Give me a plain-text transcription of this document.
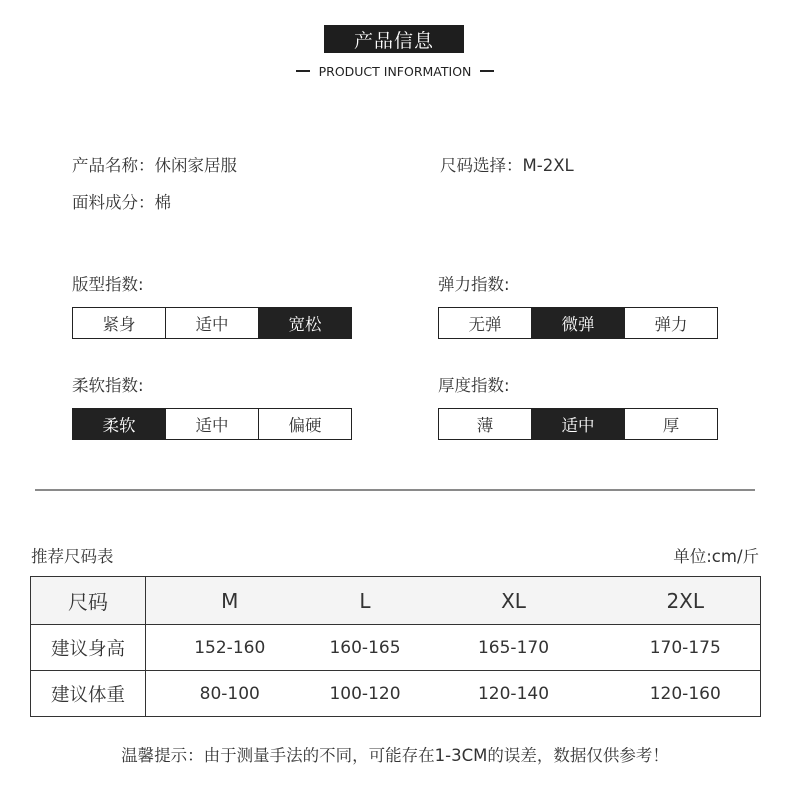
产品信息
PRODUCT INFORMATION
产品名称：休闲家居服	尺码选择：M-2XL
面料成分：棉
版型指数:
紧身	适中	宽松
弹力指数:
无弹	微弹	弹力
柔软指数:
柔软	适中	偏硬
厚度指数:
薄	适中	厚
推荐尺码表	单位:cm/斤
尺码	M	L	XL	2XL
建议身高	152-160	160-165	165-170	170-175
建议体重	80-100	100-120	120-140	120-160
温馨提示：由于测量手法的不同，可能存在1-3CM的误差，数据仅供参考！
